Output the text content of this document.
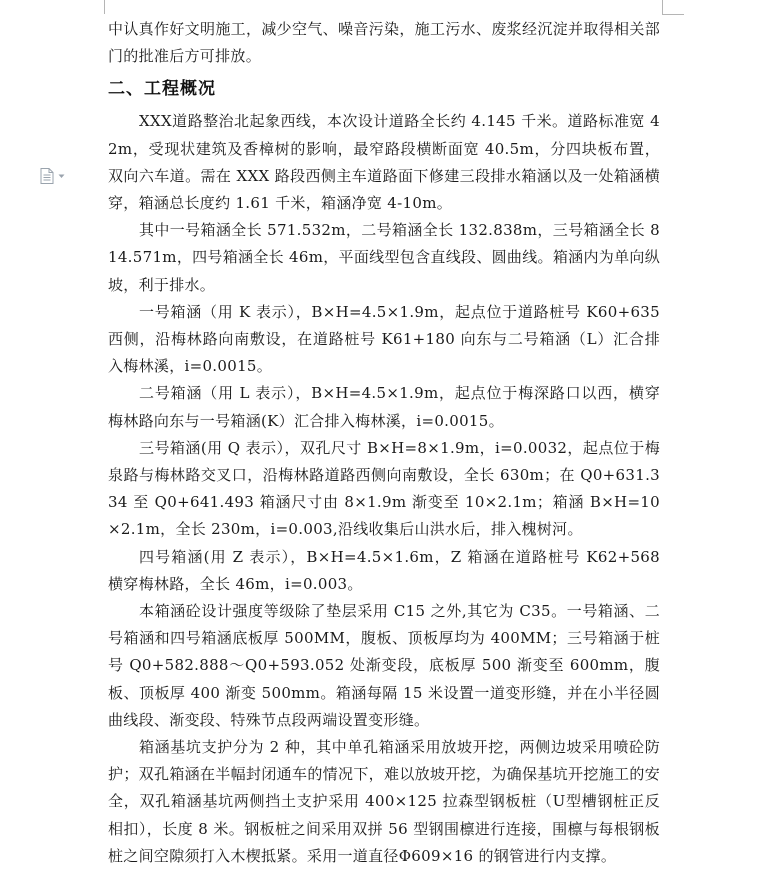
中认真作好文明施工，减少空气、噪音污染，施工污水、废浆经沉淀并取得相关部门的批准后方可排放。

二、工程概况

XXX道路整治北起象西线，本次设计道路全长约 4.145 千米。道路标准宽 42m，受现状建筑及香樟树的影响，最窄路段横断面宽 40.5m，分四块板布置，双向六车道。需在 XXX 路段西侧主车道路面下修建三段排水箱涵以及一处箱涵横穿，箱涵总长度约 1.61 千米，箱涵净宽 4-10m。

其中一号箱涵全长 571.532m，二号箱涵全长 132.838m，三号箱涵全长 814.571m，四号箱涵全长 46m，平面线型包含直线段、圆曲线。箱涵内为单向纵坡，利于排水。

一号箱涵（用 K 表示），B×H=4.5×1.9m，起点位于道路桩号 K60+635 西侧，沿梅林路向南敷设，在道路桩号 K61+180 向东与二号箱涵（L）汇合排入梅林溪，i=0.0015。

二号箱涵（用 L 表示），B×H=4.5×1.9m，起点位于梅深路口以西，横穿梅林路向东与一号箱涵(K）汇合排入梅林溪，i=0.0015。

三号箱涵(用 Q 表示），双孔尺寸 B×H=8×1.9m，i=0.0032，起点位于梅泉路与梅林路交叉口，沿梅林路道路西侧向南敷设，全长 630m；在 Q0+631.334 至 Q0+641.493 箱涵尺寸由 8×1.9m 渐变至 10×2.1m；箱涵 B×H=10×2.1m，全长 230m，i=0.003,沿线收集后山洪水后，排入槐树河。

四号箱涵(用 Z 表示），B×H=4.5×1.6m，Z 箱涵在道路桩号 K62+568 横穿梅林路，全长 46m，i=0.003。

本箱涵砼设计强度等级除了垫层采用 C15 之外,其它为 C35。一号箱涵、二号箱涵和四号箱涵底板厚 500MM，腹板、顶板厚均为 400MM；三号箱涵于桩号 Q0+582.888～Q0+593.052 处渐变段，底板厚 500 渐变至 600mm，腹板、顶板厚 400 渐变 500mm。箱涵每隔 15 米设置一道变形缝，并在小半径圆曲线段、渐变段、特殊节点段两端设置变形缝。

箱涵基坑支护分为 2 种，其中单孔箱涵采用放坡开挖，两侧边坡采用喷砼防护；双孔箱涵在半幅封闭通车的情况下，难以放坡开挖，为确保基坑开挖施工的安全，双孔箱涵基坑两侧挡土支护采用 400×125 拉森型钢板桩（U型槽钢桩正反相扣），长度 8 米。钢板桩之间采用双拼 56 型钢围檩进行连接，围檩与每根钢板桩之间空隙须打入木楔抵紧。采用一道直径Φ609×16 的钢管进行内支撑。
